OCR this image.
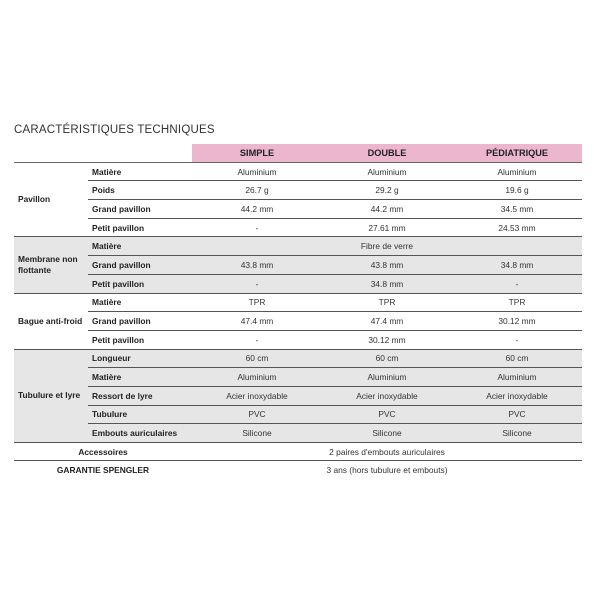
CARACTÉRISTIQUES TECHNIQUES
		SIMPLE	DOUBLE	PÉDIATRIQUE
Pavillon	Matière	Aluminium	Aluminium	Aluminium
	Poids	26.7 g	29.2 g	19.6 g
	Grand pavillon	44.2 mm	44.2 mm	34.5 mm
	Petit pavillon	-	27.61 mm	24.53 mm
Membrane non flottante	Matière	Fibre de verre		
	Grand pavillon	43.8 mm	43.8 mm	34.8 mm
	Petit pavillon	-	34.8 mm	-
Bague anti-froid	Matière	TPR	TPR	TPR
	Grand pavillon	47.4 mm	47.4 mm	30.12 mm
	Petit pavillon	-	30.12 mm	-
Tubulure et lyre	Longueur	60 cm	60 cm	60 cm
	Matière	Aluminium	Aluminium	Aluminium
	Ressort de lyre	Acier inoxydable	Acier inoxydable	Acier inoxydable
	Tubulure	PVC	PVC	PVC
	Embouts auriculaires	Silicone	Silicone	Silicone
Accessoires		2 paires d'embouts auriculaires		
GARANTIE SPENGLER		3 ans (hors tubulure et embouts)		
